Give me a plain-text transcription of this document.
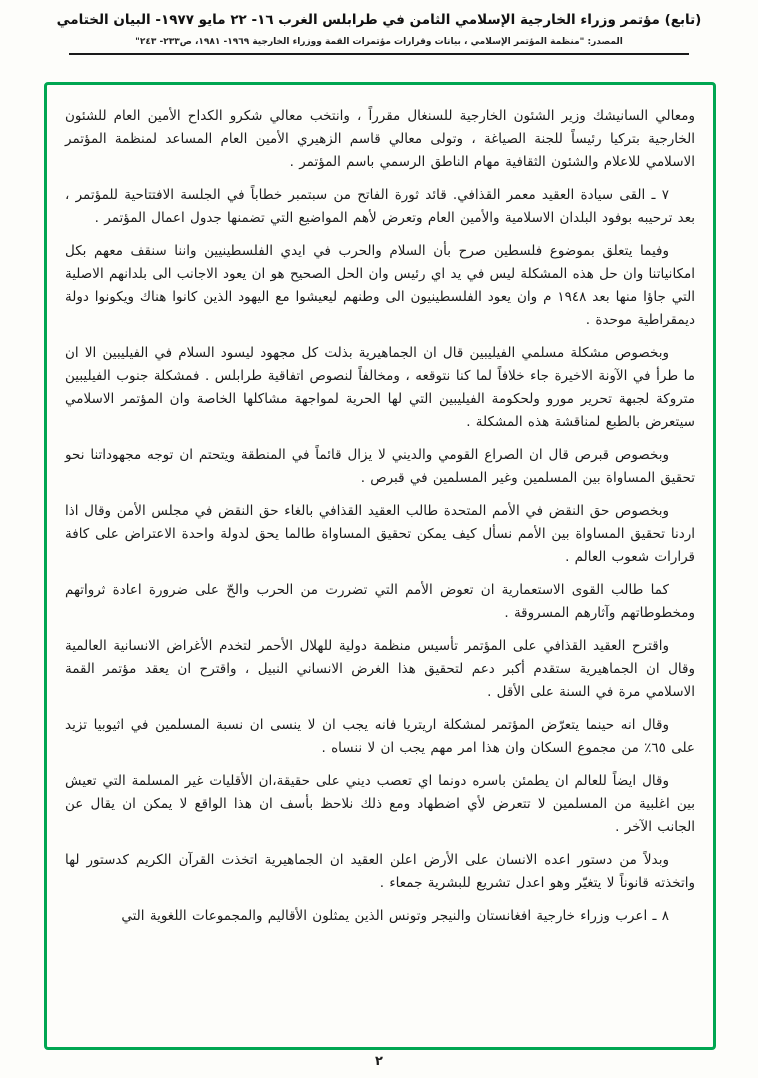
(تابع) مؤتمر وزراء الخارجية الإسلامي الثامن في طرابلس الغرب ١٦- ٢٢ مايو ١٩٧٧- البيان الختامي
المصدر: "منظمة المؤتمر الإسلامي ، بيانات وقرارات مؤتمرات القمة ووزراء الخارجية ١٩٦٩- ١٩٨١، ص٢٣٣- ٢٤٣"

ومعالي السانيشك وزير الشئون الخارجية للسنغال مقرراً ، وانتخب معالي شكرو الكداح الأمين العام للشئون الخارجية بتركيا رئيساً للجنة الصياغة ، وتولى معالي قاسم الزهيري الأمين العام المساعد لمنظمة المؤتمر الاسلامي للاعلام والشئون الثقافية مهام الناطق الرسمي باسم المؤتمر .

٧ ـ القى سيادة العقيد معمر القذافي. قائد ثورة الفاتح من سبتمبر خطاباً في الجلسة الافتتاحية للمؤتمر ، بعد ترحيبه بوفود البلدان الاسلامية والأمين العام وتعرض لأهم المواضيع التي تضمنها جدول اعمال المؤتمر .

وفيما يتعلق بموضوع فلسطين صرح بأن السلام والحرب في ايدي الفلسطينيين واننا سنقف معهم بكل امكانياتنا وان حل هذه المشكلة ليس في يد اي رئيس وان الحل الصحيح هو ان يعود الاجانب الى بلدانهم الاصلية التي جاؤا منها بعد ١٩٤٨ م وان يعود الفلسطينيون الى وطنهم ليعيشوا مع اليهود الذين كانوا هناك ويكونوا دولة ديمقراطية موحدة .

وبخصوص مشكلة مسلمي الفيليبين قال ان الجماهيرية بذلت كل مجهود ليسود السلام في الفيليبين الا ان ما طرأ في الآونة الاخيرة جاء خلافاً لما كنا نتوقعه ، ومخالفاً لنصوص اتفاقية طرابلس . فمشكلة جنوب الفيليبين متروكة لجبهة تحرير مورو ولحكومة الفيليبين التي لها الحرية لمواجهة مشاكلها الخاصة وان المؤتمر الاسلامي سيتعرض بالطبع لمناقشة هذه المشكلة .

وبخصوص قبرص قال ان الصراع القومي والديني لا يزال قائماً في المنطقة ويتحتم ان توجه مجهوداتنا نحو تحقيق المساواة بين المسلمين وغير المسلمين في قبرص .

وبخصوص حق النقض في الأمم المتحدة طالب العقيد القذافي بالغاء حق النقض في مجلس الأمن وقال اذا اردنا تحقيق المساواة بين الأمم نسأل كيف يمكن تحقيق المساواة طالما يحق لدولة واحدة الاعتراض على كافة قرارات شعوب العالم .

كما طالب القوى الاستعمارية ان تعوض الأمم التي تضررت من الحرب والحّ على ضرورة اعادة ثرواتهم ومخطوطاتهم وآثارهم المسروقة .

واقترح العقيد القذافي على المؤتمر تأسيس منظمة دولية للهلال الأحمر لتخدم الأغراض الانسانية العالمية وقال ان الجماهيرية ستقدم أكبر دعم لتحقيق هذا الغرض الانساني النبيل ، واقترح ان يعقد مؤتمر القمة الاسلامي مرة في السنة على الأقل .

وقال انه حينما يتعرّض المؤتمر لمشكلة اريتريا فانه يجب ان لا ينسى ان نسبة المسلمين في اثيوبيا تزيد على ٦٥٪ من مجموع السكان وان هذا امر مهم يجب ان لا ننساه .

وقال ايضاً للعالم ان يطمئن باسره دونما اي تعصب ديني على حقيقة،ان الأقليات غير المسلمة التي تعيش بين اغلبية من المسلمين لا تتعرض لأي اضطهاد ومع ذلك نلاحظ بأسف ان هذا الواقع لا يمكن ان يقال عن الجانب الآخر .

وبدلاً من دستور اعده الانسان على الأرض اعلن العقيد ان الجماهيرية اتخذت القرآن الكريم كدستور لها واتخذته قانوناً لا يتغيّر وهو اعدل تشريع للبشرية جمعاء .

٨ ـ اعرب وزراء خارجية افغانستان والنيجر وتونس الذين يمثلون الأقاليم والمجموعات اللغوية التي

٢
